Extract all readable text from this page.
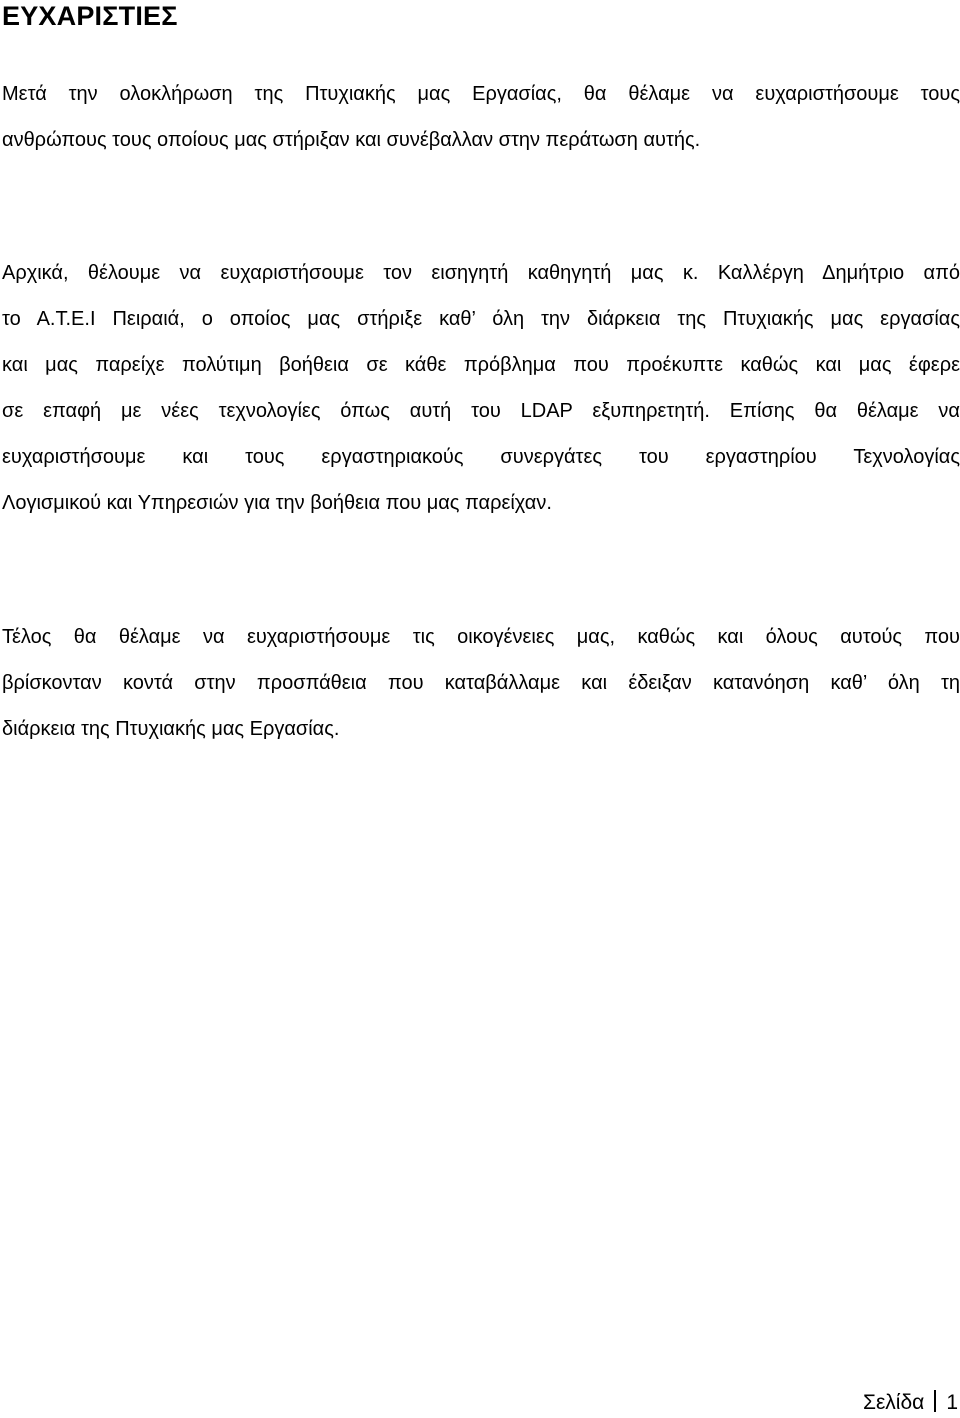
ΕΥΧΑΡΙΣΤΙΕΣ

Μετά την ολοκλήρωση της Πτυχιακής μας Εργασίας, θα θέλαμε να ευχαριστήσουμε τους
ανθρώπους τους οποίους μας στήριξαν και συνέβαλλαν στην περάτωση αυτής.

Αρχικά, θέλουμε να ευχαριστήσουμε τον εισηγητή καθηγητή μας κ. Καλλέργη Δημήτριο από
το Α.Τ.Ε.Ι Πειραιά, ο οποίος μας στήριξε καθ’ όλη την διάρκεια της Πτυχιακής μας εργασίας
και μας παρείχε πολύτιμη βοήθεια σε κάθε πρόβλημα που προέκυπτε καθώς και μας έφερε
σε επαφή με νέες τεχνολογίες όπως αυτή του LDAP εξυπηρετητή. Επίσης θα θέλαμε να
ευχαριστήσουμε και τους εργαστηριακούς συνεργάτες του εργαστηρίου Τεχνολογίας
Λογισμικού και Υπηρεσιών για την βοήθεια που μας παρείχαν.

Τέλος θα θέλαμε να ευχαριστήσουμε τις οικογένειες μας, καθώς και όλους αυτούς που
βρίσκονταν κοντά στην προσπάθεια που καταβάλλαμε και έδειξαν κατανόηση καθ’ όλη τη
διάρκεια της Πτυχιακής μας Εργασίας.

Σελίδα 1
